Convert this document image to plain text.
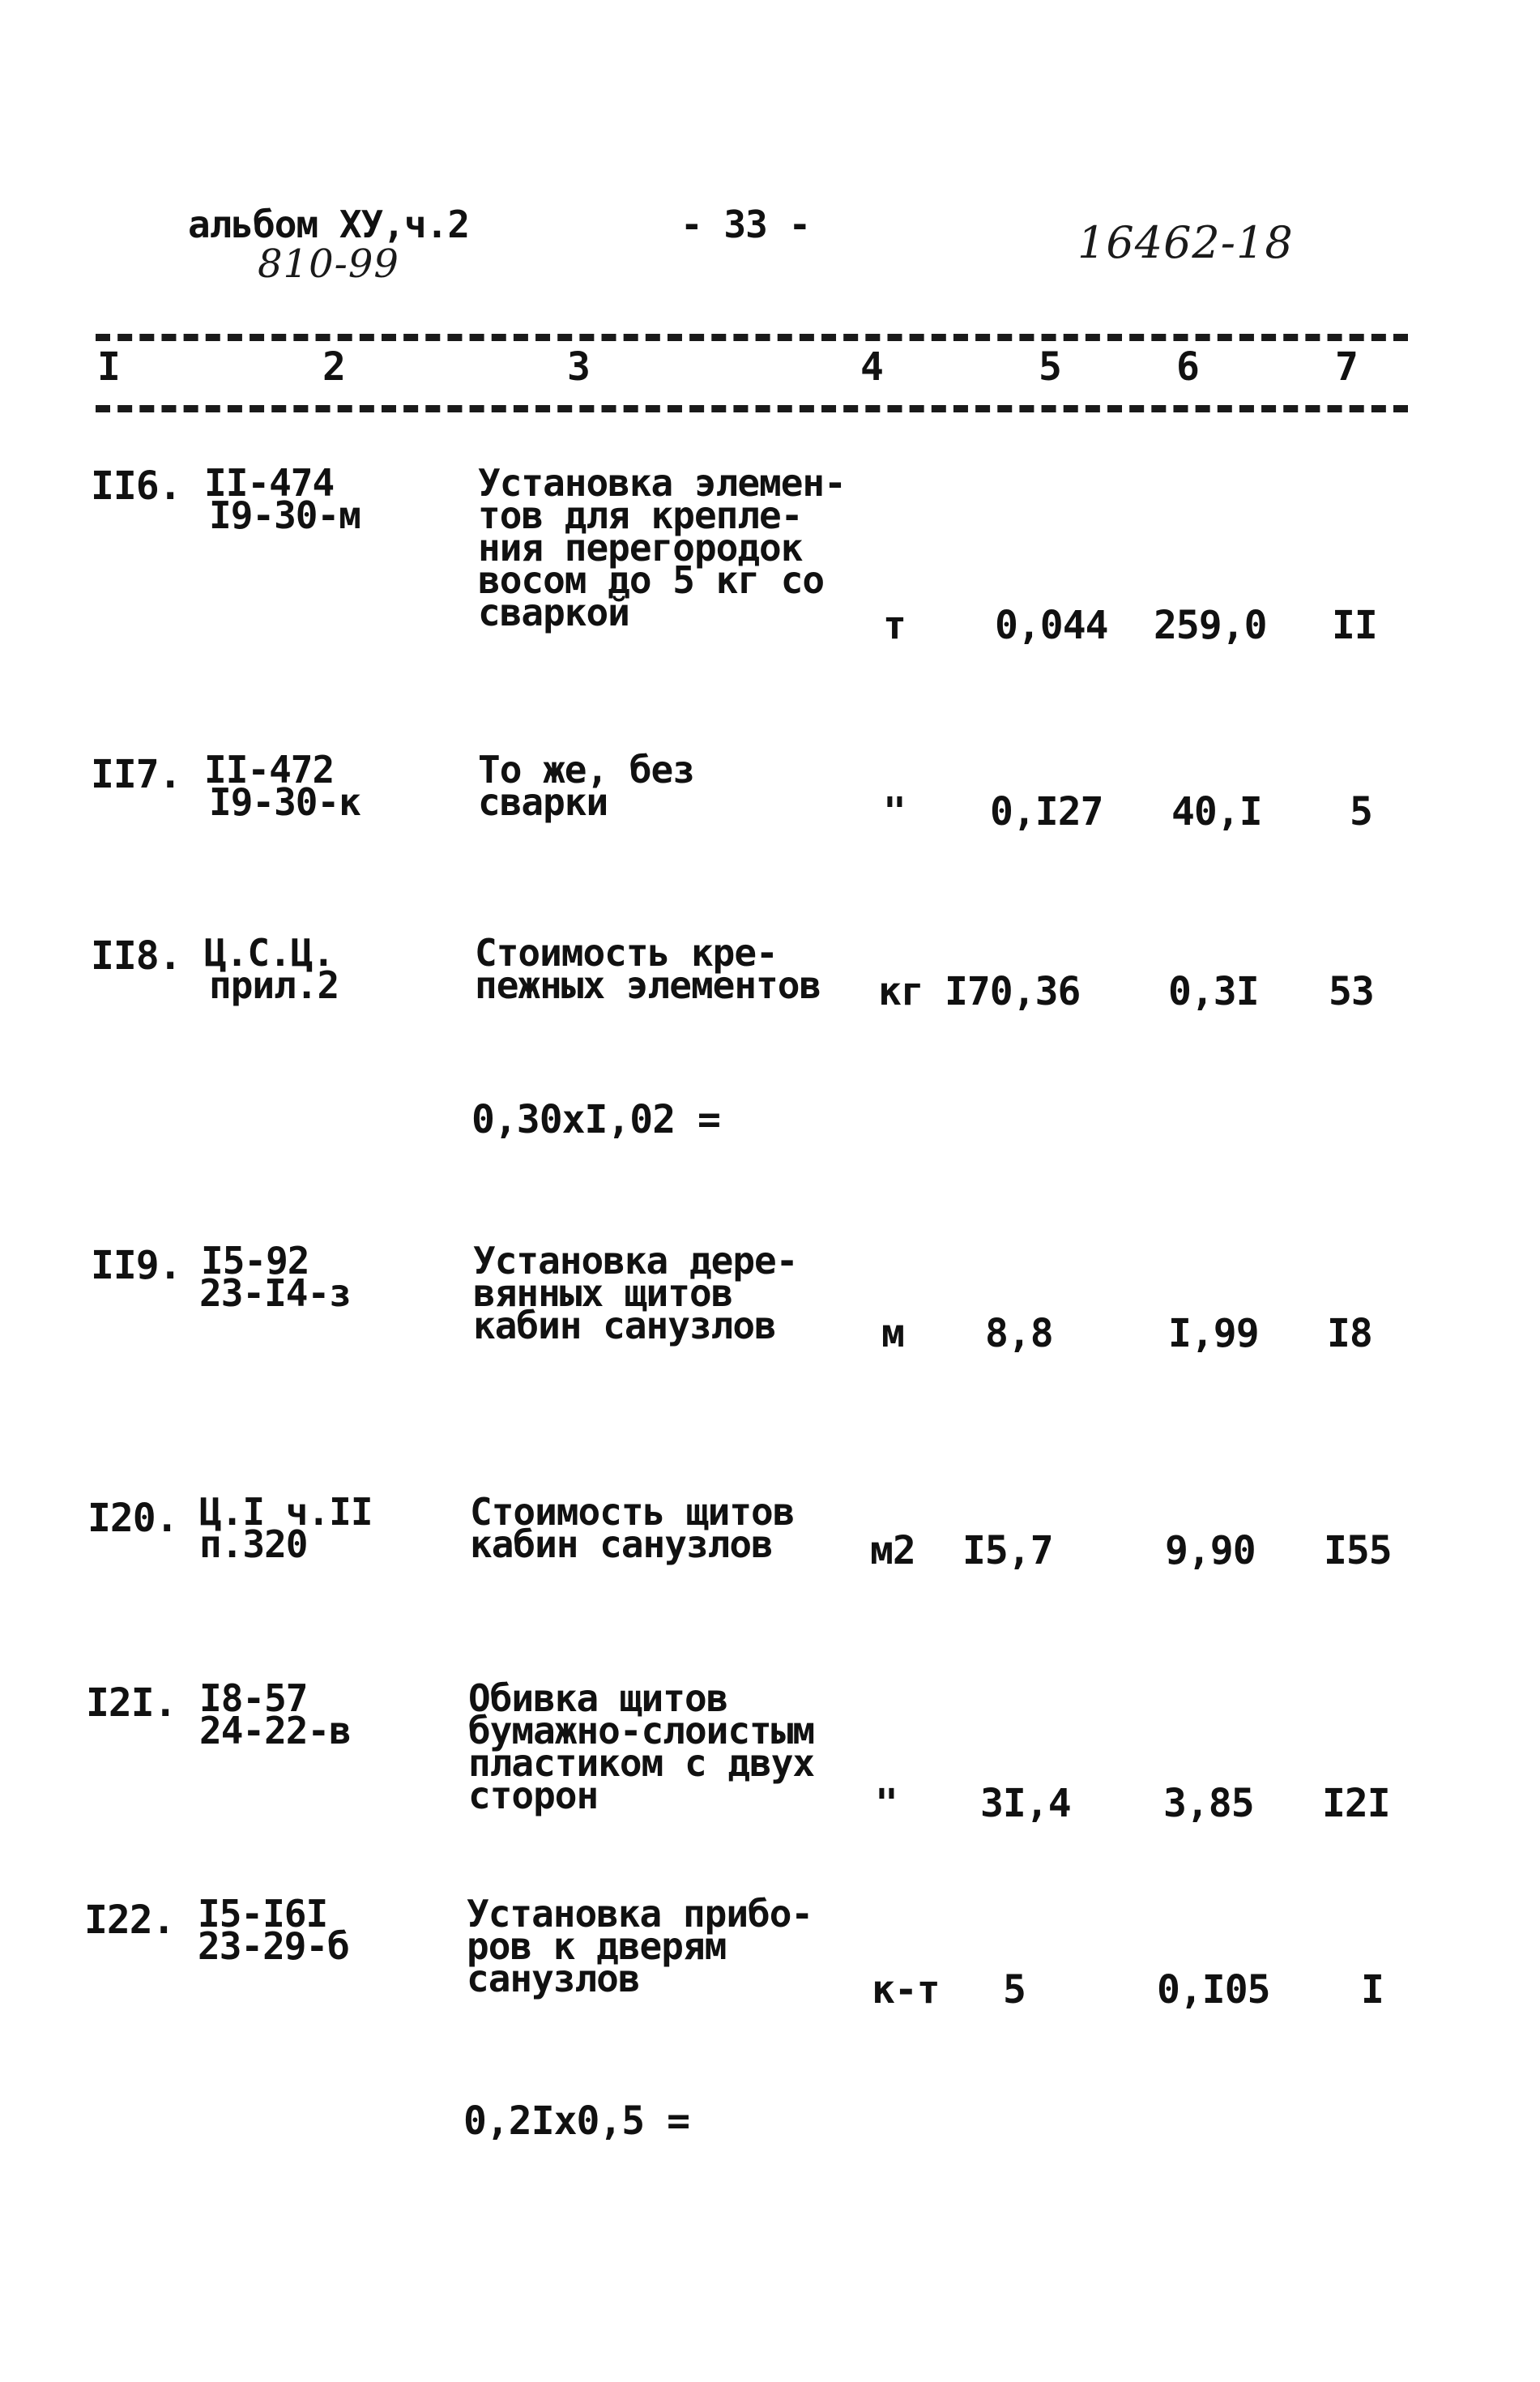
альбом ХУ,ч.2
810-99
- 33 -	16462-18
I	2	3	4	5	6	7
II6. II-474
I9-30-м
Установка элемен-
тов для крепле-
ния перегородок
восом до 5 кг со
сваркой	т 0,044 259,0 II
II7. II-472
I9-30-к
То же, без
сварки	" 0,I27 40,I 5
II8. Ц.С.Ц.
прил.2
Стоимость кре-
пежных элементов кг I70,36 0,3I 53
0,30xI,02 =
II9. I5-92
23-I4-з
Установка дере-
вянных щитов
кабин санузлов	м 8,8	I,99 I8
I20. Ц.I ч.II
п.320
Стоимость щитов
кабин санузлов	м2 I5,7	9,90 I55
I2I. I8-57
24-22-в
Обивка щитов
бумажно-слоистым
пластиком с двух
сторон	" 3I,4 3,85 I2I
I22. I5-I6I
23-29-б
Установка прибо-
ров к дверям
санузлов	к-т 5	0,I05 I
0,2Ix0,5 =
